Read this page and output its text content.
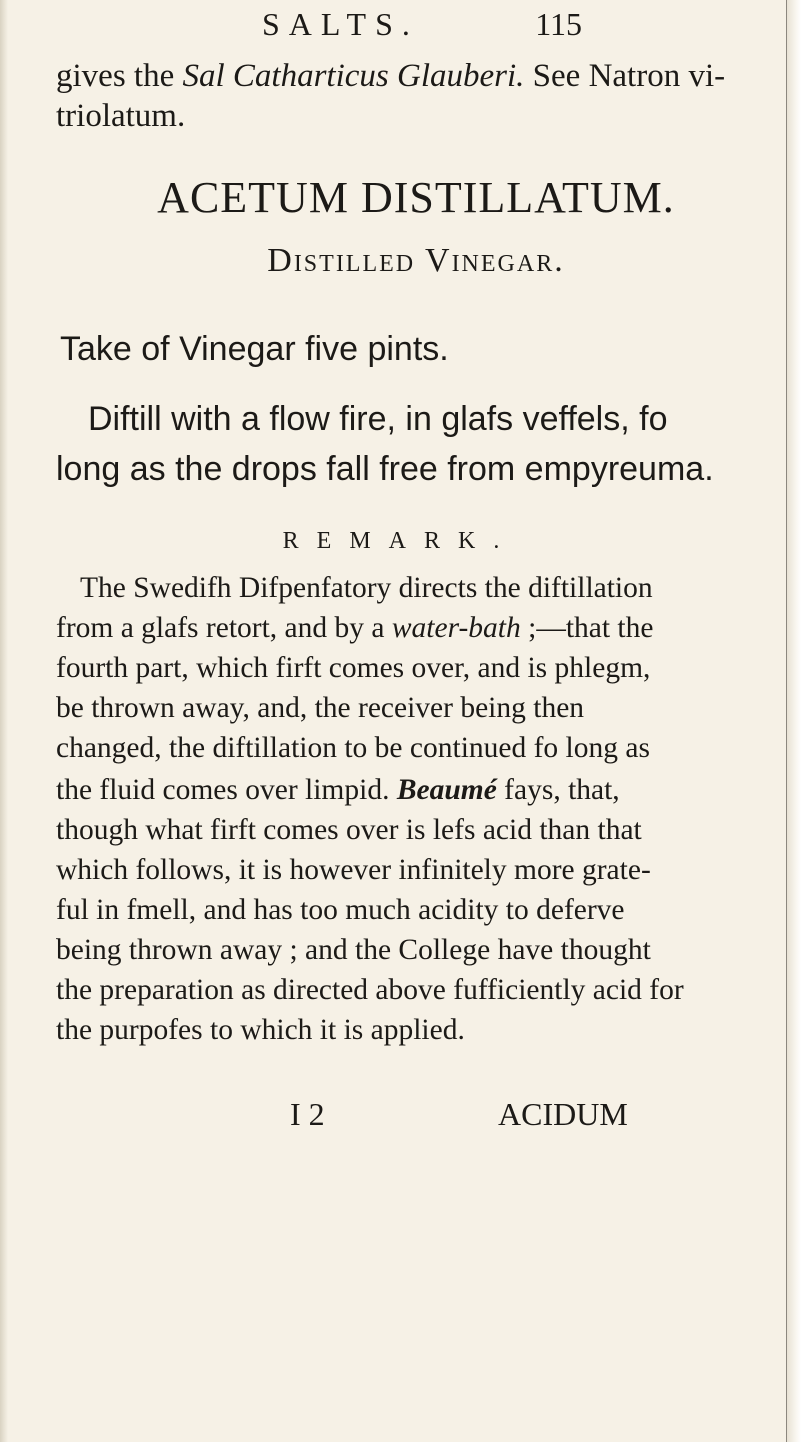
SALTS.	115
gives the Sal Catharticus Glauberi. See Natron vi-
triolatum.
ACETUM DISTILLATUM.
Distilled Vinegar.
Take of Vinegar five pints.
Diftill with a flow fire, in glafs veffels, fo
long as the drops fall free from empyreuma.
REMARK.
The Swedifh Difpenfatory directs the diftillation
from a glafs retort, and by a water-bath ;—that the
fourth part, which firft comes over, and is phlegm,
be thrown away, and, the receiver being then
changed, the diftillation to be continued fo long as
the fluid comes over limpid. Beaumé fays, that,
though what firft comes over is lefs acid than that
which follows, it is however infinitely more grate-
ful in fmell, and has too much acidity to deferve
being thrown away ; and the College have thought
the preparation as directed above fufficiently acid for
the purpofes to which it is applied.
I 2	ACIDUM
